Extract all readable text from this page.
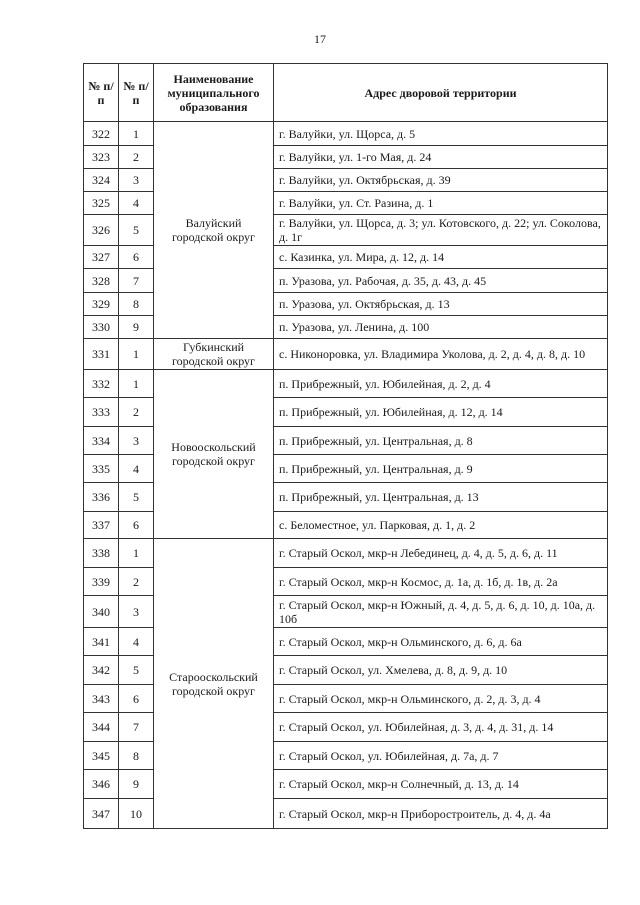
17
№ п/п	№ п/п	Наименование муниципального образования	Адрес дворовой территории
322	1	Валуйский городской округ	г. Валуйки, ул. Щорса, д. 5
323	2		г. Валуйки, ул. 1-го Мая, д. 24
324	3		г. Валуйки, ул. Октябрьская, д. 39
325	4		г. Валуйки, ул. Ст. Разина, д. 1
326	5		г. Валуйки, ул. Щорса, д. 3; ул. Котовского, д. 22; ул. Соколова, д. 1г
327	6		с. Казинка, ул. Мира, д. 12, д. 14
328	7		п. Уразова, ул. Рабочая, д. 35, д. 43, д. 45
329	8		п. Уразова, ул. Октябрьская, д. 13
330	9		п. Уразова, ул. Ленина, д. 100
331	1	Губкинский городской округ	с. Никоноровка, ул. Владимира Уколова, д. 2, д. 4, д. 8, д. 10
332	1	Новооскольский городской округ	п. Прибрежный, ул. Юбилейная, д. 2, д. 4
333	2		п. Прибрежный, ул. Юбилейная, д. 12, д. 14
334	3		п. Прибрежный, ул. Центральная, д. 8
335	4		п. Прибрежный, ул. Центральная, д. 9
336	5		п. Прибрежный, ул. Центральная, д. 13
337	6		с. Беломестное, ул. Парковая, д. 1, д. 2
338	1	Старооскольский городской округ	г. Старый Оскол, мкр-н Лебединец, д. 4, д. 5, д. 6, д. 11
339	2		г. Старый Оскол, мкр-н Космос, д. 1а, д. 1б, д. 1в, д. 2а
340	3		г. Старый Оскол, мкр-н Южный, д. 4, д. 5, д. 6, д. 10, д. 10а, д. 10б
341	4		г. Старый Оскол, мкр-н Ольминского, д. 6, д. 6а
342	5		г. Старый Оскол, ул. Хмелева, д. 8, д. 9, д. 10
343	6		г. Старый Оскол, мкр-н Ольминского, д. 2, д. 3, д. 4
344	7		г. Старый Оскол, ул. Юбилейная, д. 3, д. 4, д. 31, д. 14
345	8		г. Старый Оскол, ул. Юбилейная, д. 7а, д. 7
346	9		г. Старый Оскол, мкр-н Солнечный, д. 13, д. 14
347	10		г. Старый Оскол, мкр-н Приборостроитель, д. 4, д. 4а
